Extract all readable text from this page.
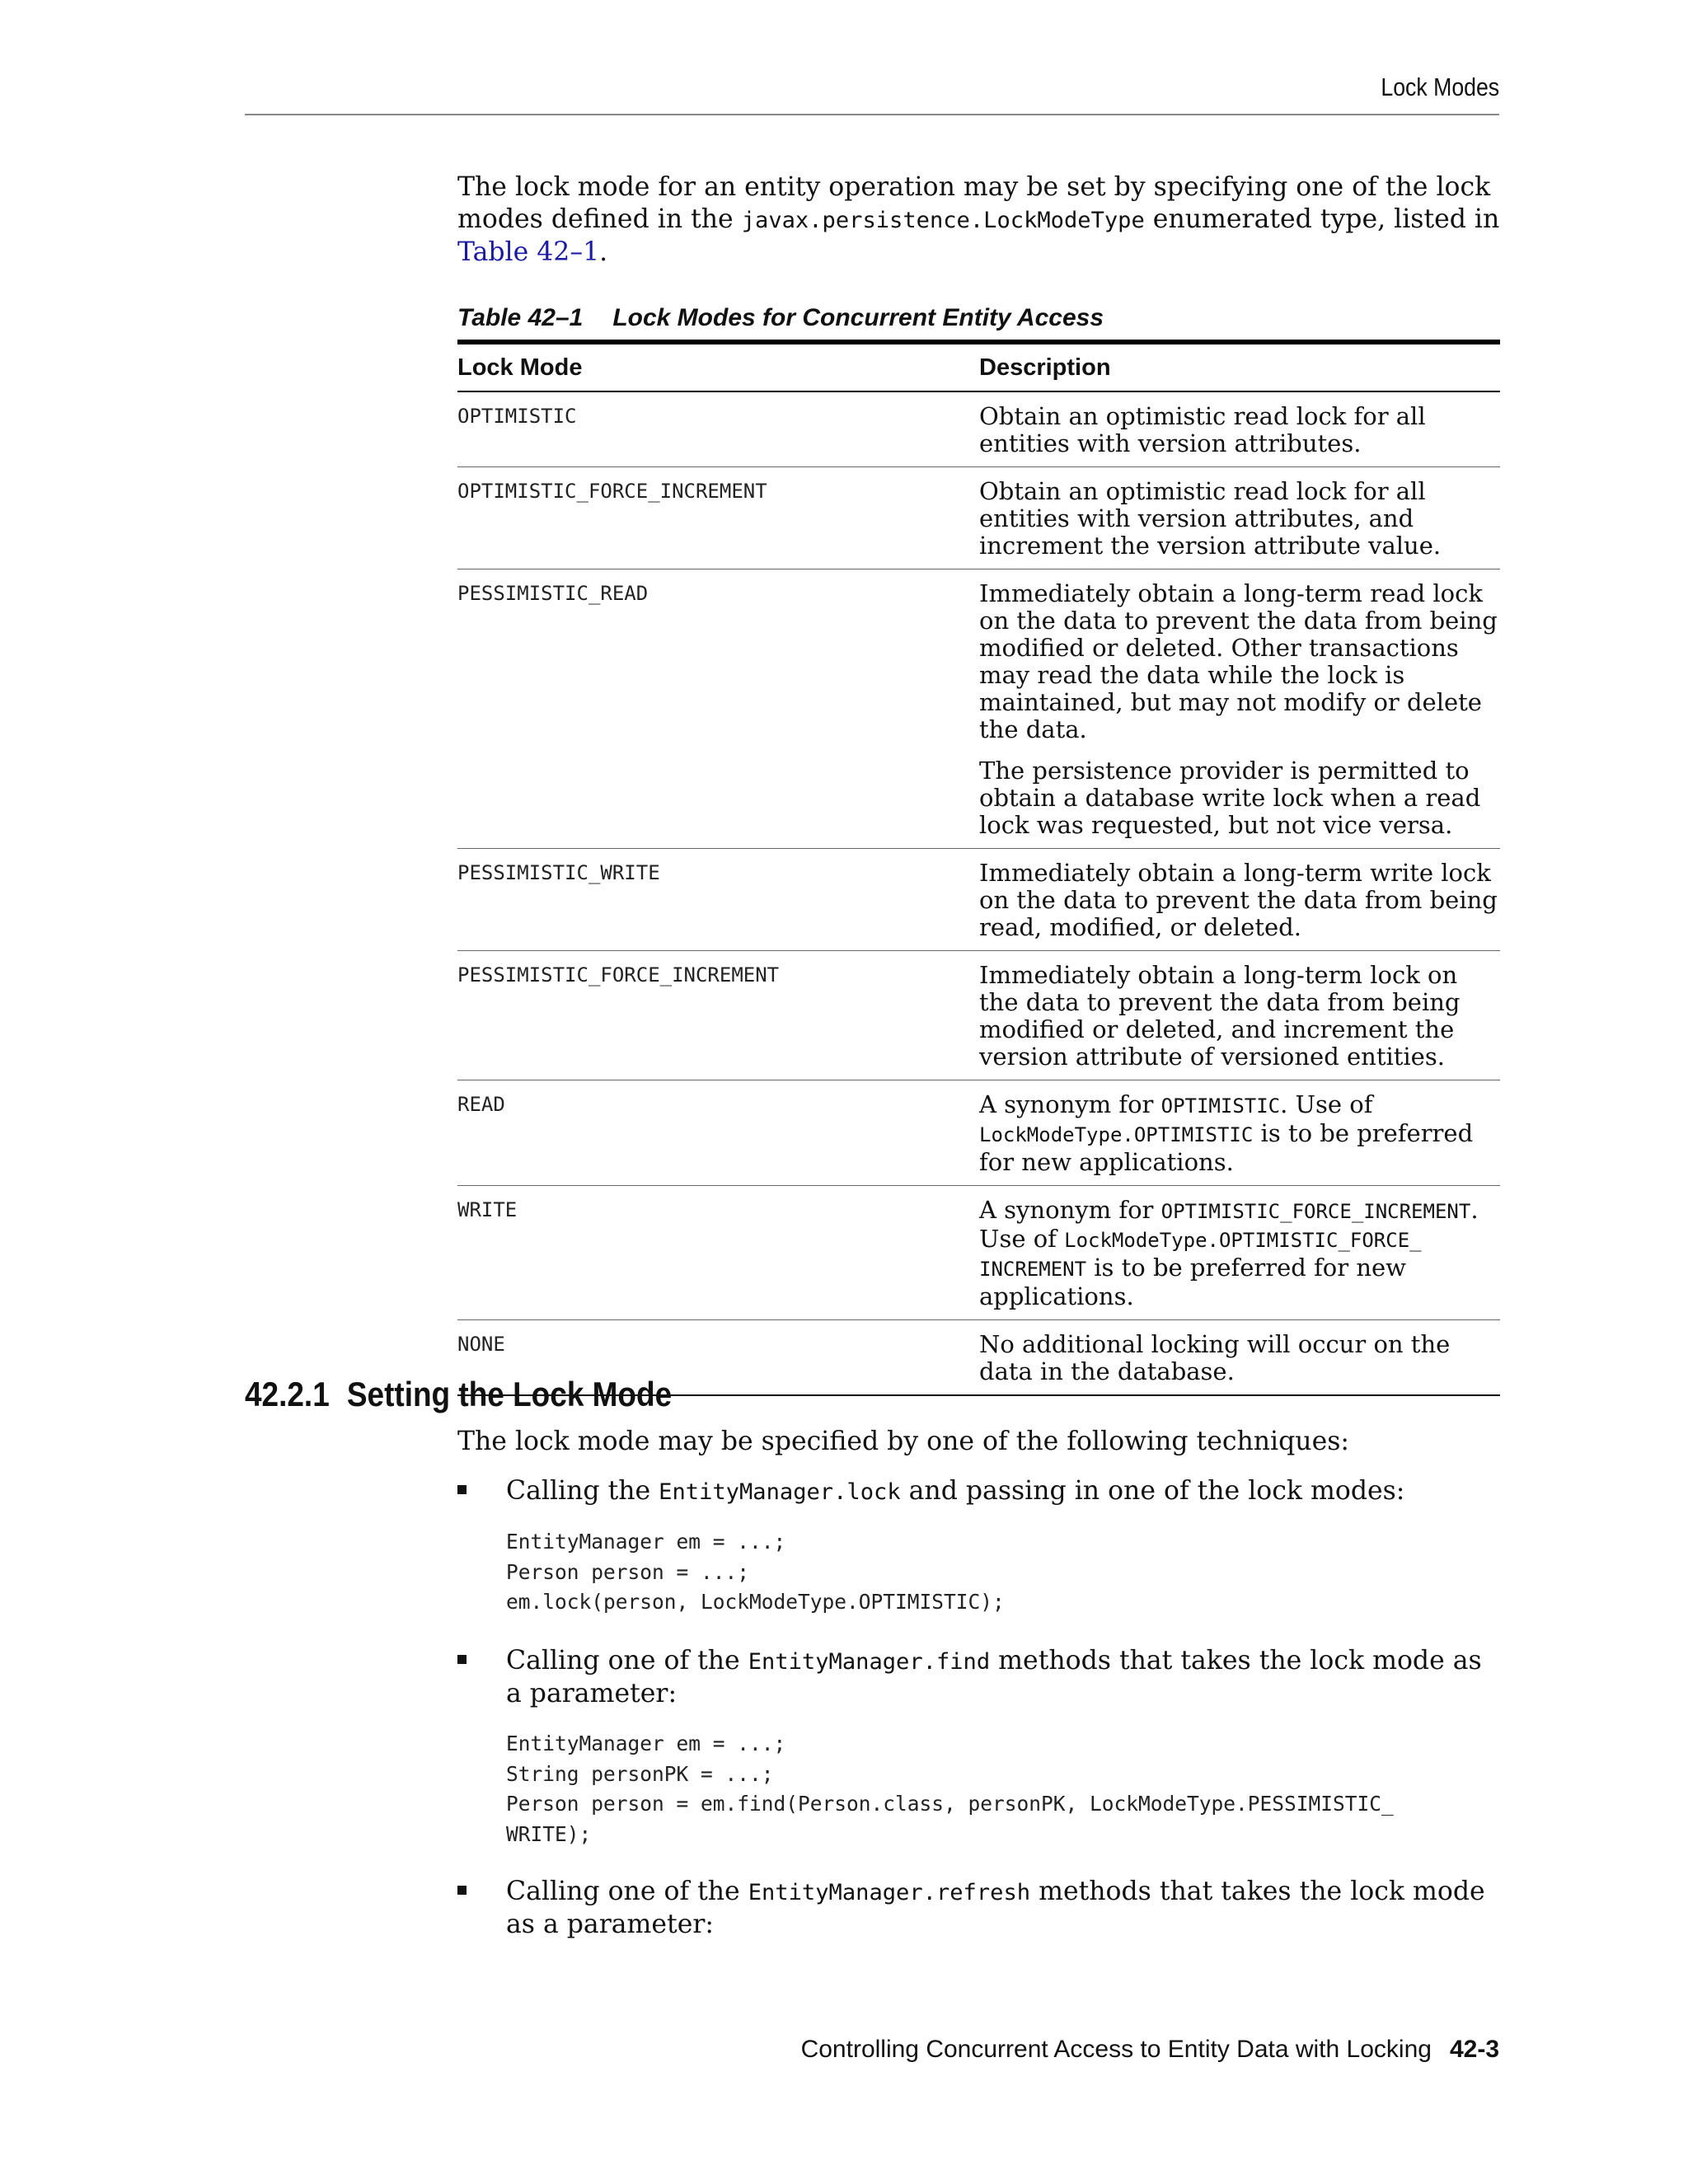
Lock Modes

The lock mode for an entity operation may be set by specifying one of the lock modes defined in the javax.persistence.LockModeType enumerated type, listed in Table 42–1.

Table 42–1 Lock Modes for Concurrent Entity Access

Lock Mode	Description
OPTIMISTIC	Obtain an optimistic read lock for all entities with version attributes.

OPTIMISTIC_FORCE_INCREMENT	Obtain an optimistic read lock for all entities with version attributes, and increment the version attribute value.

PESSIMISTIC_READ	Immediately obtain a long-term read lock on the data to prevent the data from being modified or deleted. Other transactions may read the data while the lock is maintained, but may not modify or delete the data.

The persistence provider is permitted to obtain a database write lock when a read lock was requested, but not vice versa.

PESSIMISTIC_WRITE	Immediately obtain a long-term write lock on the data to prevent the data from being read, modified, or deleted.

PESSIMISTIC_FORCE_INCREMENT	Immediately obtain a long-term lock on the data to prevent the data from being modified or deleted, and increment the version attribute of versioned entities.

READ	A synonym for OPTIMISTIC. Use of LockModeType.OPTIMISTIC is to be preferred for new applications.

WRITE	A synonym for OPTIMISTIC_FORCE_INCREMENT. Use of LockModeType.OPTIMISTIC_FORCE_ INCREMENT is to be preferred for new applications.

NONE	No additional locking will occur on the data in the database.

42.2.1 Setting the Lock Mode

The lock mode may be specified by one of the following techniques:

Calling the EntityManager.lock and passing in one of the lock modes:
EntityManager em = ...;
Person person = ...;
em.lock(person, LockModeType.OPTIMISTIC);
Calling one of the EntityManager.find methods that takes the lock mode as a parameter:
EntityManager em = ...;
String personPK = ...;
Person person = em.find(Person.class, personPK, LockModeType.PESSIMISTIC_
WRITE);
Calling one of the EntityManager.refresh methods that takes the lock mode as a parameter:
Controlling Concurrent Access to Entity Data with Locking 42-3
